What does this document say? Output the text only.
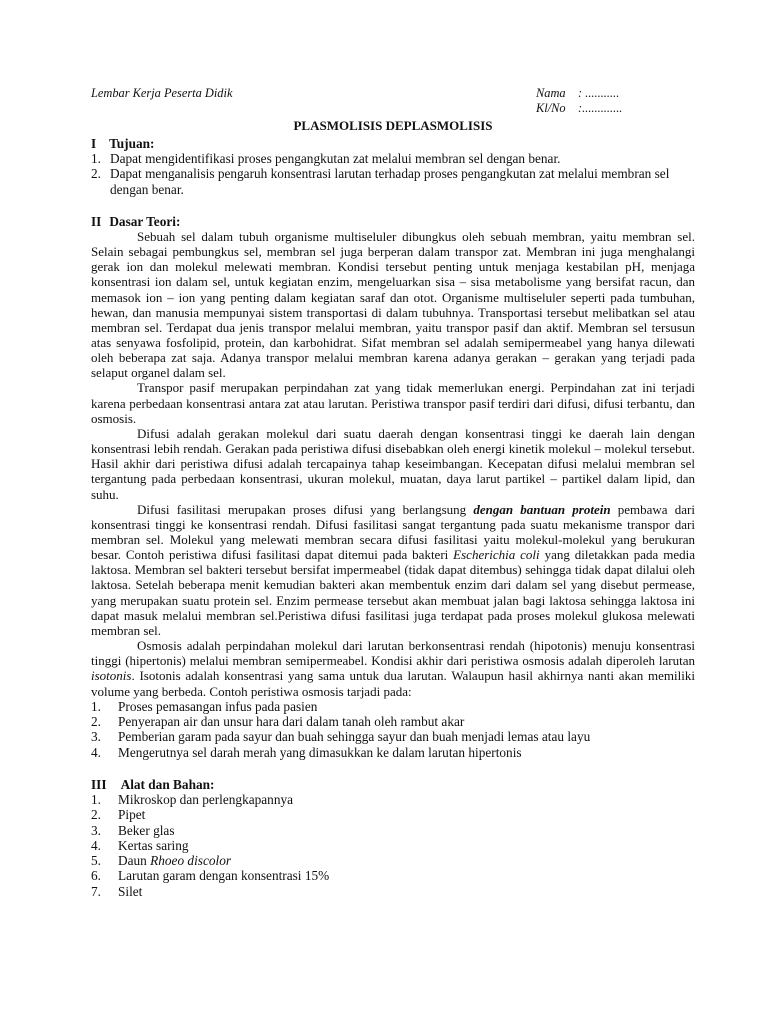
Lembar Kerja Peserta Didik	Nama : ...........
Kl/No :.............
PLASMOLISIS DEPLASMOLISIS
I Tujuan:
1. Dapat mengidentifikasi proses pengangkutan zat melalui membran sel dengan benar.
2. Dapat menganalisis pengaruh konsentrasi larutan terhadap proses pengangkutan zat melalui membran sel dengan benar.
II Dasar Teori:

Sebuah sel dalam tubuh organisme multiseluler dibungkus oleh sebuah membran, yaitu membran sel. Selain sebagai pembungkus sel, membran sel juga berperan dalam transpor zat. Membran ini juga menghalangi gerak ion dan molekul melewati membran. Kondisi tersebut penting untuk menjaga kestabilan pH, menjaga konsentrasi ion dalam sel, untuk kegiatan enzim, mengeluarkan sisa – sisa metabolisme yang bersifat racun, dan memasok ion – ion yang penting dalam kegiatan saraf dan otot. Organisme multiseluler seperti pada tumbuhan, hewan, dan manusia mempunyai sistem transportasi di dalam tubuhnya. Transportasi tersebut melibatkan sel atau membran sel. Terdapat dua jenis transpor melalui membran, yaitu transpor pasif dan aktif. Membran sel tersusun atas senyawa fosfolipid, protein, dan karbohidrat. Sifat membran sel adalah semipermeabel yang hanya dilewati oleh beberapa zat saja. Adanya transpor melalui membran karena adanya gerakan – gerakan yang terjadi pada selaput organel dalam sel.

Transpor pasif merupakan perpindahan zat yang tidak memerlukan energi. Perpindahan zat ini terjadi karena perbedaan konsentrasi antara zat atau larutan. Peristiwa transpor pasif terdiri dari difusi, difusi terbantu, dan osmosis.

Difusi adalah gerakan molekul dari suatu daerah dengan konsentrasi tinggi ke daerah lain dengan konsentrasi lebih rendah. Gerakan pada peristiwa difusi disebabkan oleh energi kinetik molekul – molekul tersebut. Hasil akhir dari peristiwa difusi adalah tercapainya tahap keseimbangan. Kecepatan difusi melalui membran sel tergantung pada perbedaan konsentrasi, ukuran molekul, muatan, daya larut partikel – partikel dalam lipid, dan suhu.

Difusi fasilitasi merupakan proses difusi yang berlangsung dengan bantuan protein pembawa dari konsentrasi tinggi ke konsentrasi rendah. Difusi fasilitasi sangat tergantung pada suatu mekanisme transpor dari membran sel. Molekul yang melewati membran secara difusi fasilitasi yaitu molekul-molekul yang berukuran besar. Contoh peristiwa difusi fasilitasi dapat ditemui pada bakteri Escherichia coli yang diletakkan pada media laktosa. Membran sel bakteri tersebut bersifat impermeabel (tidak dapat ditembus) sehingga tidak dapat dilalui oleh laktosa. Setelah beberapa menit kemudian bakteri akan membentuk enzim dari dalam sel yang disebut permease, yang merupakan suatu protein sel. Enzim permease tersebut akan membuat jalan bagi laktosa sehingga laktosa ini dapat masuk melalui membran sel.Peristiwa difusi fasilitasi juga terdapat pada proses molekul glukosa melewati membran sel.

Osmosis adalah perpindahan molekul dari larutan berkonsentrasi rendah (hipotonis) menuju konsentrasi tinggi (hipertonis) melalui membran semipermeabel. Kondisi akhir dari peristiwa osmosis adalah diperoleh larutan isotonis. Isotonis adalah konsentrasi yang sama untuk dua larutan. Walaupun hasil akhirnya nanti akan memiliki volume yang berbeda. Contoh peristiwa osmosis tarjadi pada:

1. Proses pemasangan infus pada pasien
2. Penyerapan air dan unsur hara dari dalam tanah oleh rambut akar
3. Pemberian garam pada sayur dan buah sehingga sayur dan buah menjadi lemas atau layu
4. Mengerutnya sel darah merah yang dimasukkan ke dalam larutan hipertonis
III Alat dan Bahan:
1. Mikroskop dan perlengkapannya
2. Pipet
3. Beker glas
4. Kertas saring
5. Daun Rhoeo discolor
6. Larutan garam dengan konsentrasi 15%
7. Silet
